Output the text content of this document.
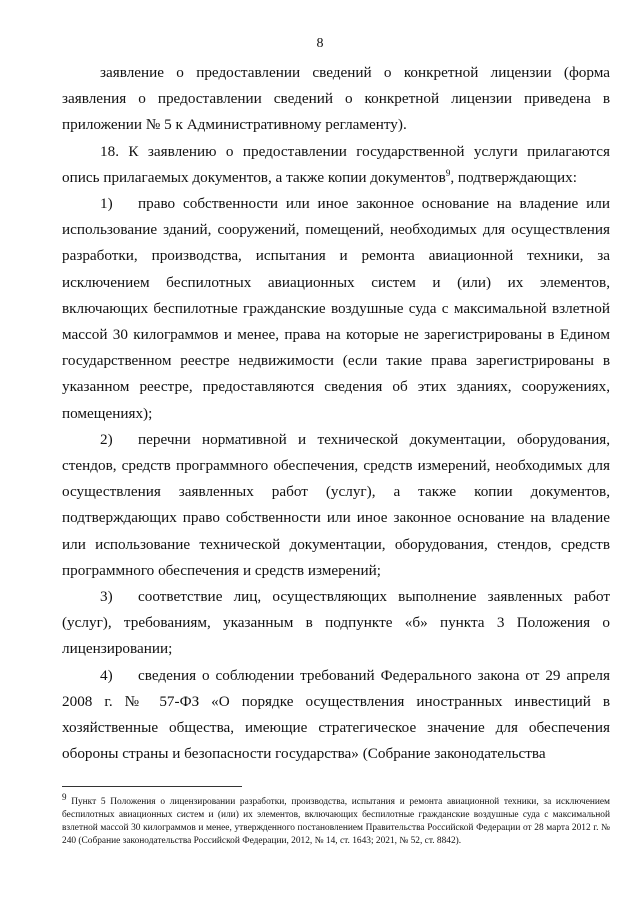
8

заявление о предоставлении сведений о конкретной лицензии (форма заявления о предоставлении сведений о конкретной лицензии приведена в приложении № 5 к Административному регламенту).

18. К заявлению о предоставлении государственной услуги прилагаются опись прилагаемых документов, а также копии документов$^9$, подтверждающих:

1) право собственности или иное законное основание на владение или использование зданий, сооружений, помещений, необходимых для осуществления разработки, производства, испытания и ремонта авиационной техники, за исключением беспилотных авиационных систем и (или) их элементов, включающих беспилотные гражданские воздушные суда с максимальной взлетной массой 30 килограммов и менее, права на которые не зарегистрированы в Едином государственном реестре недвижимости (если такие права зарегистрированы в указанном реестре, предоставляются сведения об этих зданиях, сооружениях, помещениях);

2) перечни нормативной и технической документации, оборудования, стендов, средств программного обеспечения, средств измерений, необходимых для осуществления заявленных работ (услуг), а также копии документов, подтверждающих право собственности или иное законное основание на владение или использование технической документации, оборудования, стендов, средств программного обеспечения и средств измерений;

3) соответствие лиц, осуществляющих выполнение заявленных работ (услуг), требованиям, указанным в подпункте «б» пункта 3 Положения о лицензировании;

4) сведения о соблюдении требований Федерального закона от 29 апреля 2008 г. № 57-ФЗ «О порядке осуществления иностранных инвестиций в хозяйственные общества, имеющие стратегическое значение для обеспечения обороны страны и безопасности государства» (Собрание законодательства

$^9$ Пункт 5 Положения о лицензировании разработки, производства, испытания и ремонта авиационной техники, за исключением беспилотных авиационных систем и (или) их элементов, включающих беспилотные гражданские воздушные суда с максимальной взлетной массой 30 килограммов и менее, утвержденного постановлением Правительства Российской Федерации от 28 марта 2012 г. № 240 (Собрание законодательства Российской Федерации, 2012, № 14, ст. 1643; 2021, № 52, ст. 8842).
